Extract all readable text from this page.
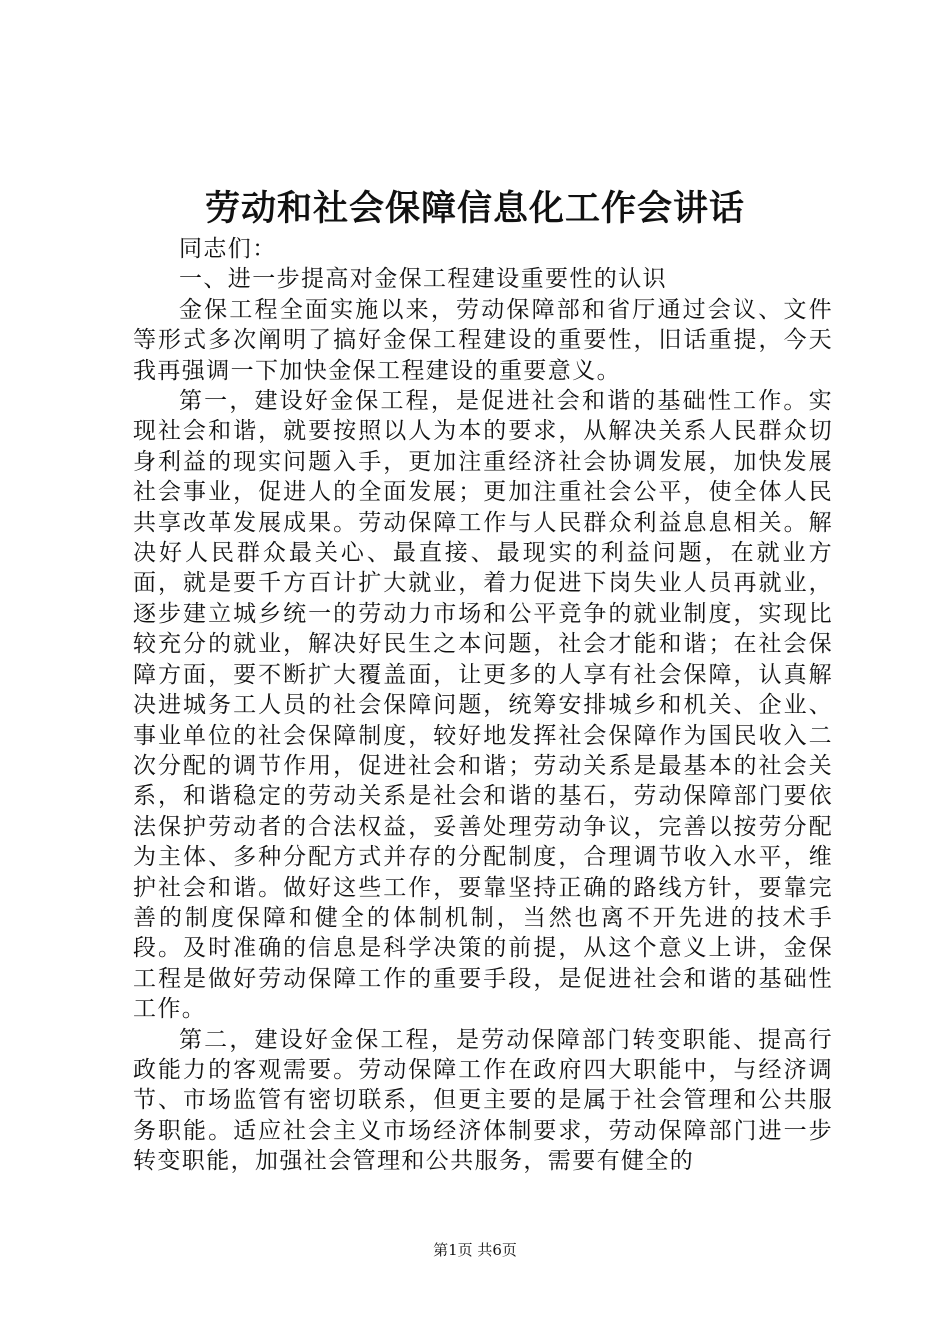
劳动和社会保障信息化工作会讲话

同志们：

一、进一步提高对金保工程建设重要性的认识

金保工程全面实施以来，劳动保障部和省厅通过会议、文件等形式多次阐明了搞好金保工程建设的重要性，旧话重提，今天我再强调一下加快金保工程建设的重要意义。

第一，建设好金保工程，是促进社会和谐的基础性工作。实现社会和谐，就要按照以人为本的要求，从解决关系人民群众切身利益的现实问题入手，更加注重经济社会协调发展，加快发展社会事业，促进人的全面发展；更加注重社会公平，使全体人民共享改革发展成果。劳动保障工作与人民群众利益息息相关。解决好人民群众最关心、最直接、最现实的利益问题，在就业方面，就是要千方百计扩大就业，着力促进下岗失业人员再就业，逐步建立城乡统一的劳动力市场和公平竞争的就业制度，实现比较充分的就业，解决好民生之本问题，社会才能和谐；在社会保障方面，要不断扩大覆盖面，让更多的人享有社会保障，认真解决进城务工人员的社会保障问题，统筹安排城乡和机关、企业、事业单位的社会保障制度，较好地发挥社会保障作为国民收入二次分配的调节作用，促进社会和谐；劳动关系是最基本的社会关系，和谐稳定的劳动关系是社会和谐的基石，劳动保障部门要依法保护劳动者的合法权益，妥善处理劳动争议，完善以按劳分配为主体、多种分配方式并存的分配制度，合理调节收入水平，维护社会和谐。做好这些工作，要靠坚持正确的路线方针，要靠完善的制度保障和健全的体制机制，当然也离不开先进的技术手段。及时准确的信息是科学决策的前提，从这个意义上讲，金保工程是做好劳动保障工作的重要手段，是促进社会和谐的基础性工作。

第二，建设好金保工程，是劳动保障部门转变职能、提高行政能力的客观需要。劳动保障工作在政府四大职能中，与经济调节、市场监管有密切联系，但更主要的是属于社会管理和公共服务职能。适应社会主义市场经济体制要求，劳动保障部门进一步转变职能，加强社会管理和公共服务，需要有健全的

第1页 共6页
